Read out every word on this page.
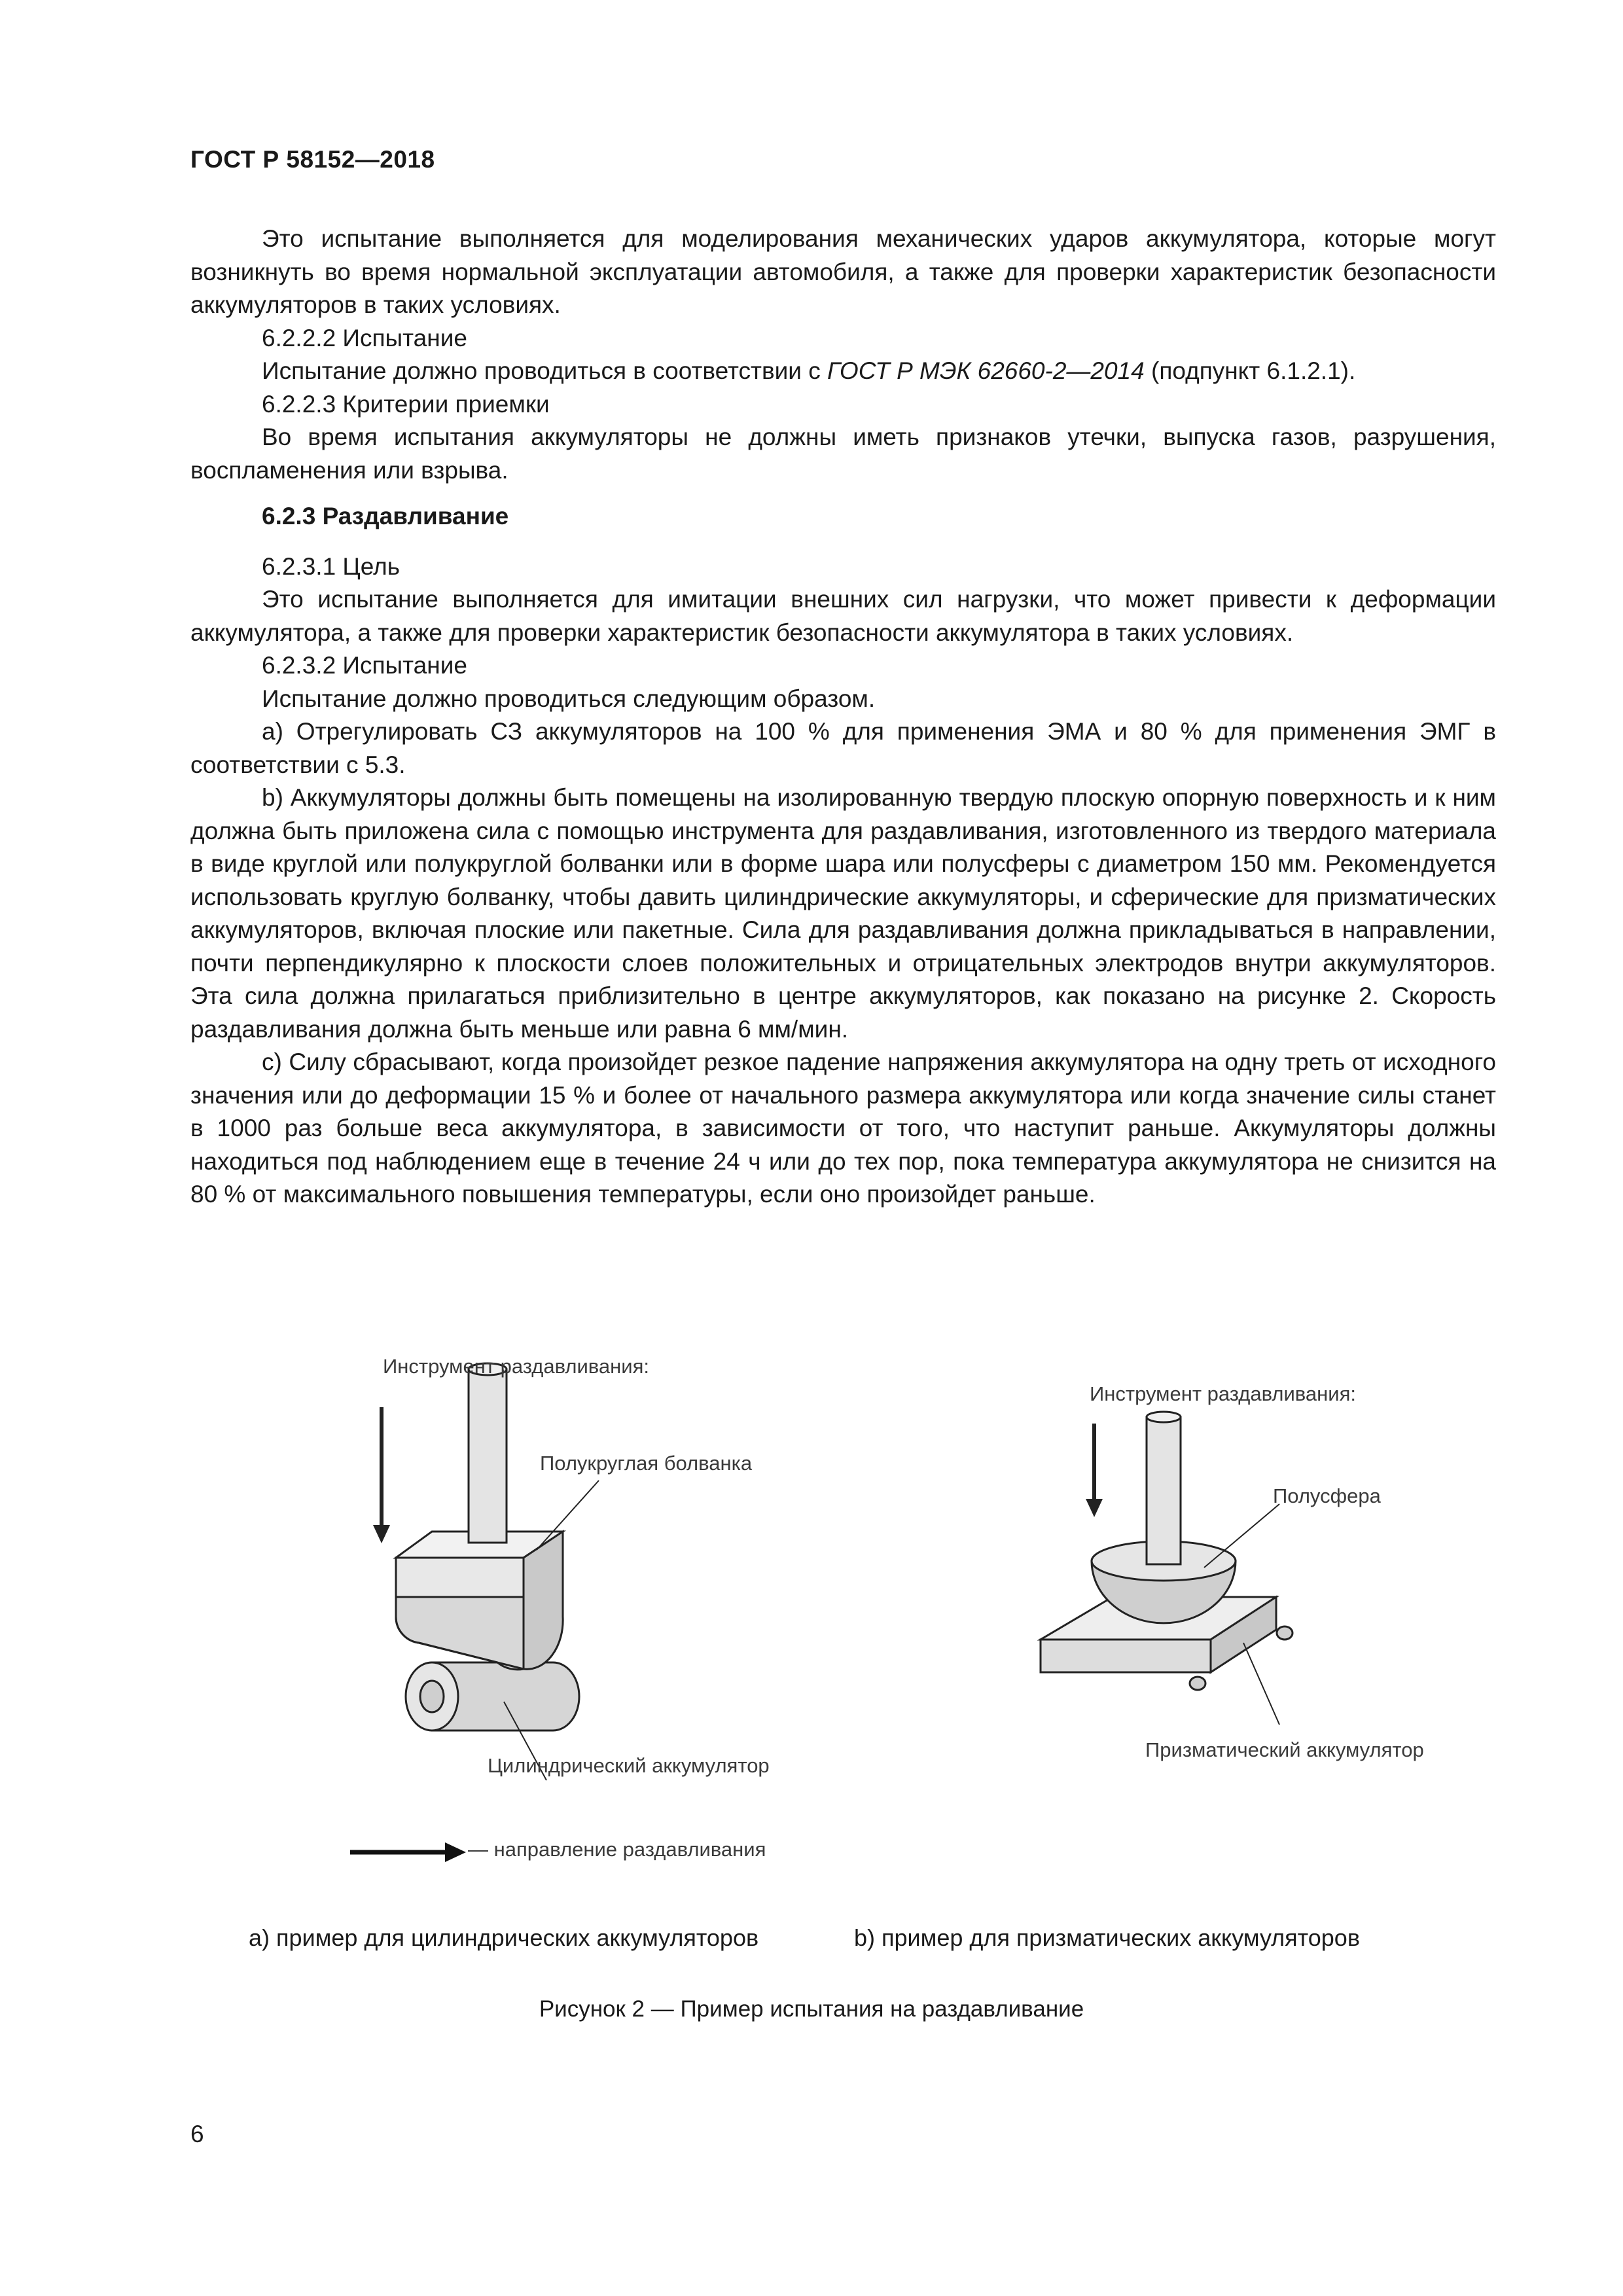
ГОСТ Р 58152—2018

Это испытание выполняется для моделирования механических ударов аккумулятора, которые могут возникнуть во время нормальной эксплуатации автомобиля, а также для проверки характеристик безопасности аккумуляторов в таких условиях.

6.2.2.2 Испытание

Испытание должно проводиться в соответствии с ГОСТ Р МЭК 62660-2—2014 (подпункт 6.1.2.1).

6.2.2.3 Критерии приемки

Во время испытания аккумуляторы не должны иметь признаков утечки, выпуска газов, разрушения, воспламенения или взрыва.

6.2.3 Раздавливание

6.2.3.1 Цель

Это испытание выполняется для имитации внешних сил нагрузки, что может привести к деформации аккумулятора, а также для проверки характеристик безопасности аккумулятора в таких условиях.

6.2.3.2 Испытание

Испытание должно проводиться следующим образом.

a) Отрегулировать СЗ аккумуляторов на 100 % для применения ЭМА и 80 % для применения ЭМГ в соответствии с 5.3.

b) Аккумуляторы должны быть помещены на изолированную твердую плоскую опорную поверхность и к ним должна быть приложена сила с помощью инструмента для раздавливания, изготовленного из твердого материала в виде круглой или полукруглой болванки или в форме шара или полусферы с диаметром 150 мм. Рекомендуется использовать круглую болванку, чтобы давить цилиндрические аккумуляторы, и сферические для призматических аккумуляторов, включая плоские или пакетные. Сила для раздавливания должна прикладываться в направлении, почти перпендикулярно к плоскости слоев положительных и отрицательных электродов внутри аккумуляторов. Эта сила должна прилагаться приблизительно в центре аккумуляторов, как показано на рисунке 2. Скорость раздавливания должна быть меньше или равна 6 мм/мин.

c) Силу сбрасывают, когда произойдет резкое падение напряжения аккумулятора на одну треть от исходного значения или до деформации 15 % и более от начального размера аккумулятора или когда значение силы станет в 1000 раз больше веса аккумулятора, в зависимости от того, что наступит раньше. Аккумуляторы должны находиться под наблюдением еще в течение 24 ч или до тех пор, пока температура аккумулятора не снизится на 80 % от максимального повышения температуры, если оно произойдет раньше.

Инструмент раздавливания:
Полукруглая болванка
Цилиндрический аккумулятор
— направление раздавливания
Инструмент раздавливания:
Полусфера
Призматический аккумулятор
а) пример для цилиндрических аккумуляторов	b) пример для призматических аккумуляторов
Рисунок 2 — Пример испытания на раздавливание
6
